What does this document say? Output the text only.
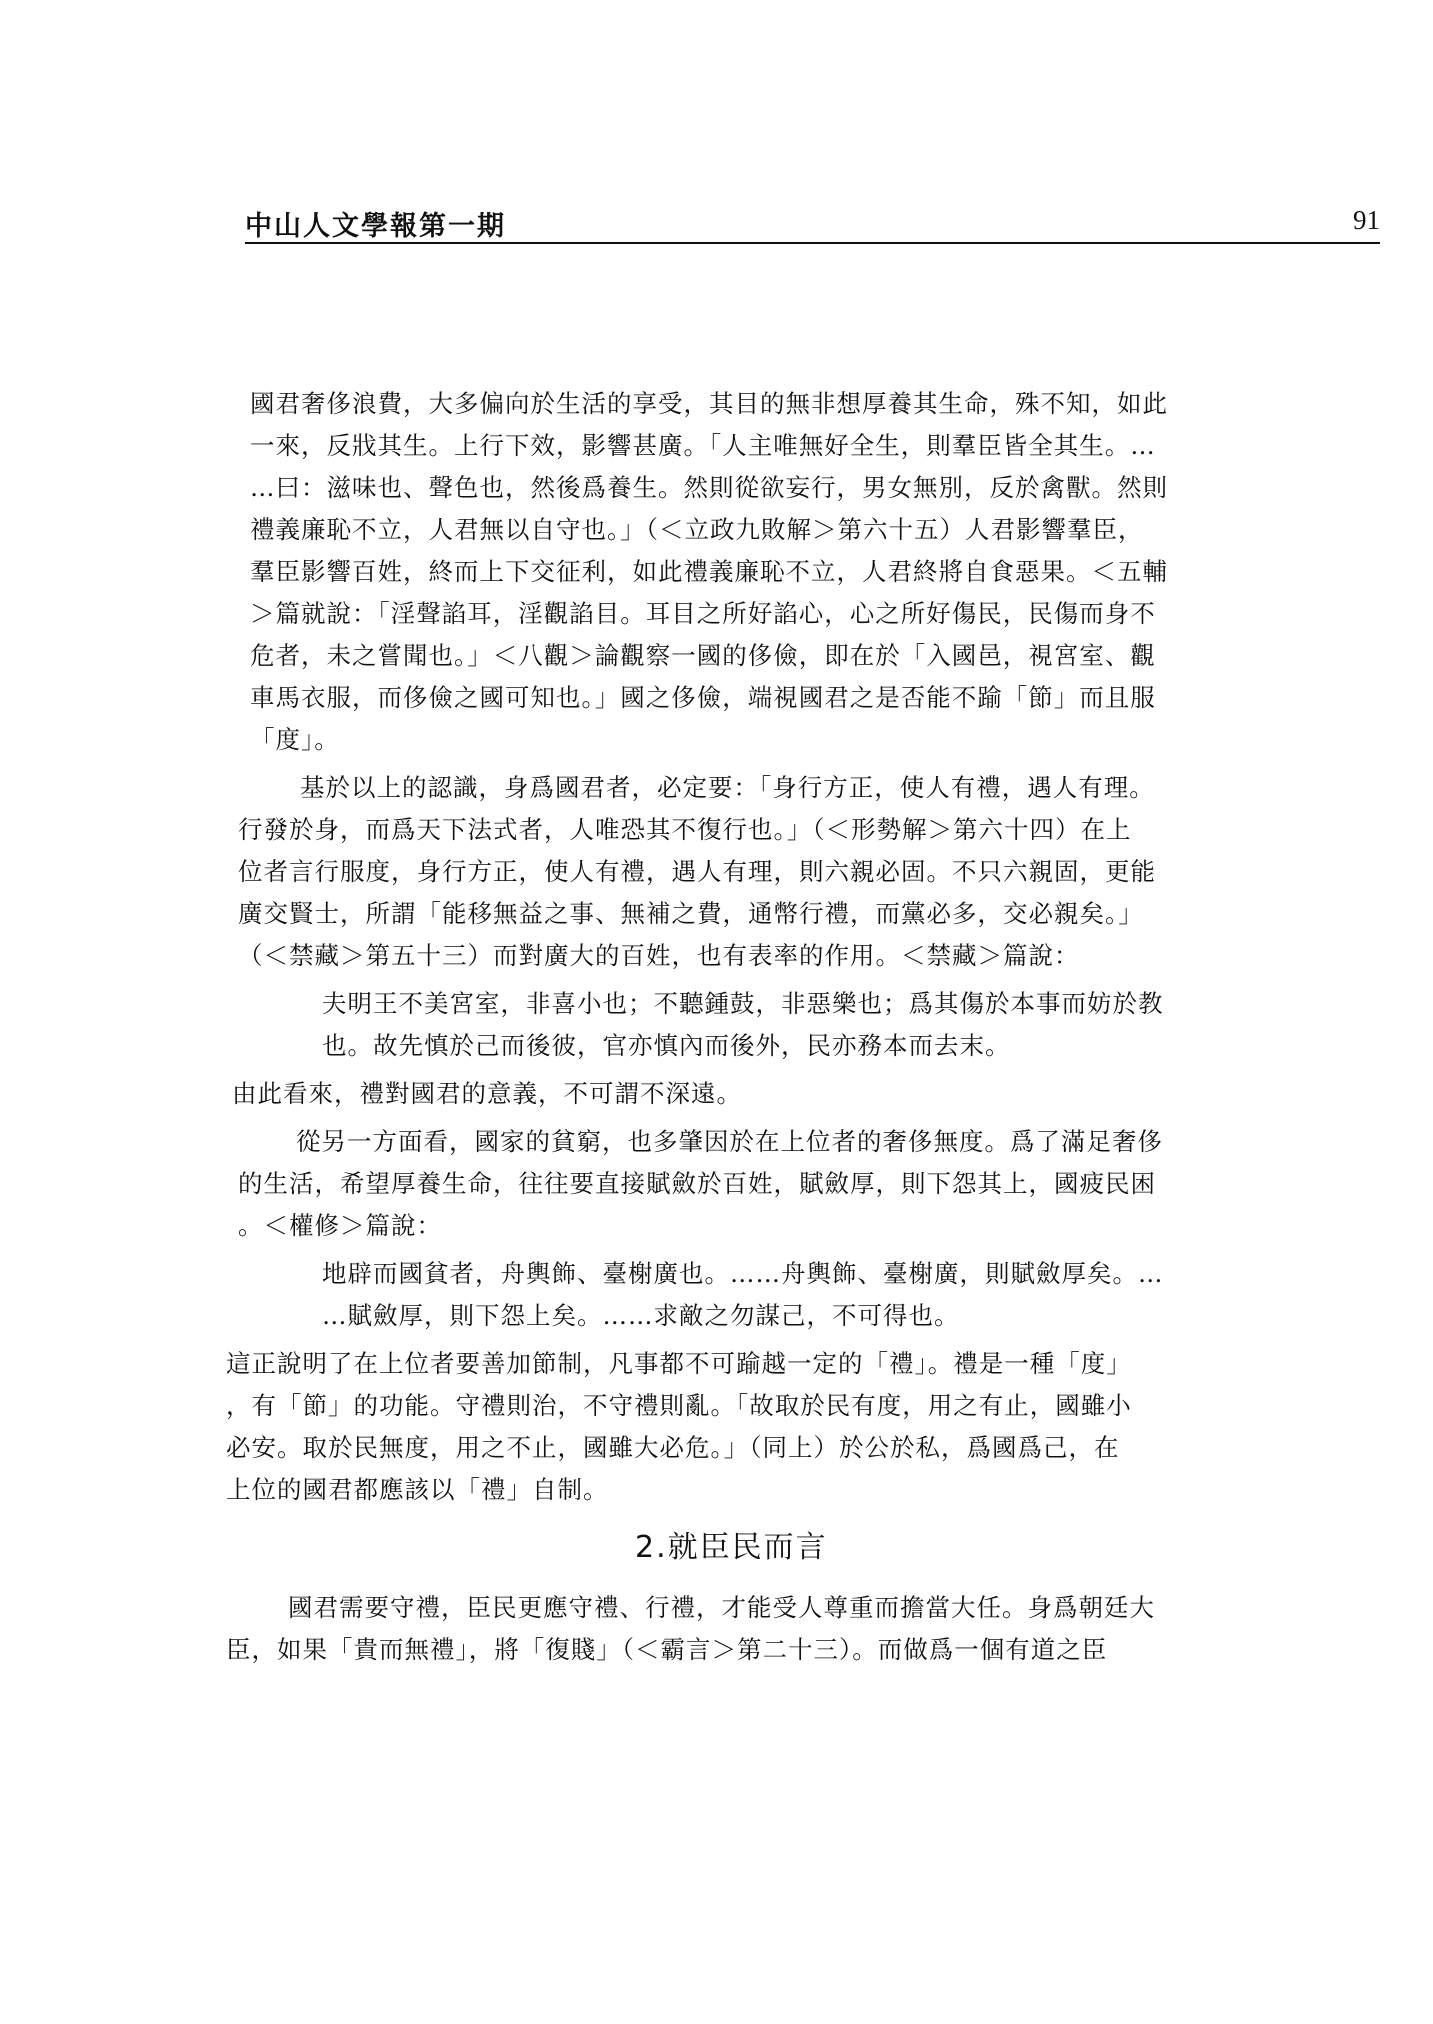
中山人文學報第一期	91

國君奢侈浪費，大多偏向於生活的享受，其目的無非想厚養其生命，殊不知，如此

一來，反戕其生。上行下效，影響甚廣。「人主唯無好全生，則羣臣皆全其生。…

…曰：滋味也、聲色也，然後爲養生。然則從欲妄行，男女無別，反於禽獸。然則

禮義廉恥不立，人君無以自守也。」（＜立政九敗解＞第六十五）人君影響羣臣，

羣臣影響百姓，終而上下交征利，如此禮義廉恥不立，人君終將自食惡果。＜五輔

＞篇就說：「淫聲諂耳，淫觀諂目。耳目之所好諂心，心之所好傷民，民傷而身不

危者，未之嘗聞也。」＜八觀＞論觀察一國的侈儉，即在於「入國邑，視宮室、觀

車馬衣服，而侈儉之國可知也。」國之侈儉，端視國君之是否能不踰「節」而且服

「度」。

基於以上的認識，身爲國君者，必定要：「身行方正，使人有禮，遇人有理。

行發於身，而爲天下法式者，人唯恐其不復行也。」（＜形勢解＞第六十四）在上

位者言行服度，身行方正，使人有禮，遇人有理，則六親必固。不只六親固，更能

廣交賢士，所謂「能移無益之事、無補之費，通幣行禮，而黨必多，交必親矣。」

（＜禁藏＞第五十三）而對廣大的百姓，也有表率的作用。＜禁藏＞篇說：

夫明王不美宮室，非喜小也；不聽鍾鼓，非惡樂也；爲其傷於本事而妨於教

也。故先慎於己而後彼，官亦慎內而後外，民亦務本而去末。

由此看來，禮對國君的意義，不可謂不深遠。

從另一方面看，國家的貧窮，也多肇因於在上位者的奢侈無度。爲了滿足奢侈

的生活，希望厚養生命，往往要直接賦斂於百姓，賦斂厚，則下怨其上，國疲民困

。＜權修＞篇說：

地辟而國貧者，舟輿飾、臺榭廣也。……舟輿飾、臺榭廣，則賦斂厚矣。…

…賦斂厚，則下怨上矣。……求敵之勿謀己，不可得也。

這正說明了在上位者要善加節制，凡事都不可踰越一定的「禮」。禮是一種「度」

，有「節」的功能。守禮則治，不守禮則亂。「故取於民有度，用之有止，國雖小

必安。取於民無度，用之不止，國雖大必危。」（同上）於公於私，爲國爲己，在

上位的國君都應該以「禮」自制。

2.就臣民而言

國君需要守禮，臣民更應守禮、行禮，才能受人尊重而擔當大任。身爲朝廷大

臣，如果「貴而無禮」，將「復賤」（＜霸言＞第二十三）。而做爲一個有道之臣
